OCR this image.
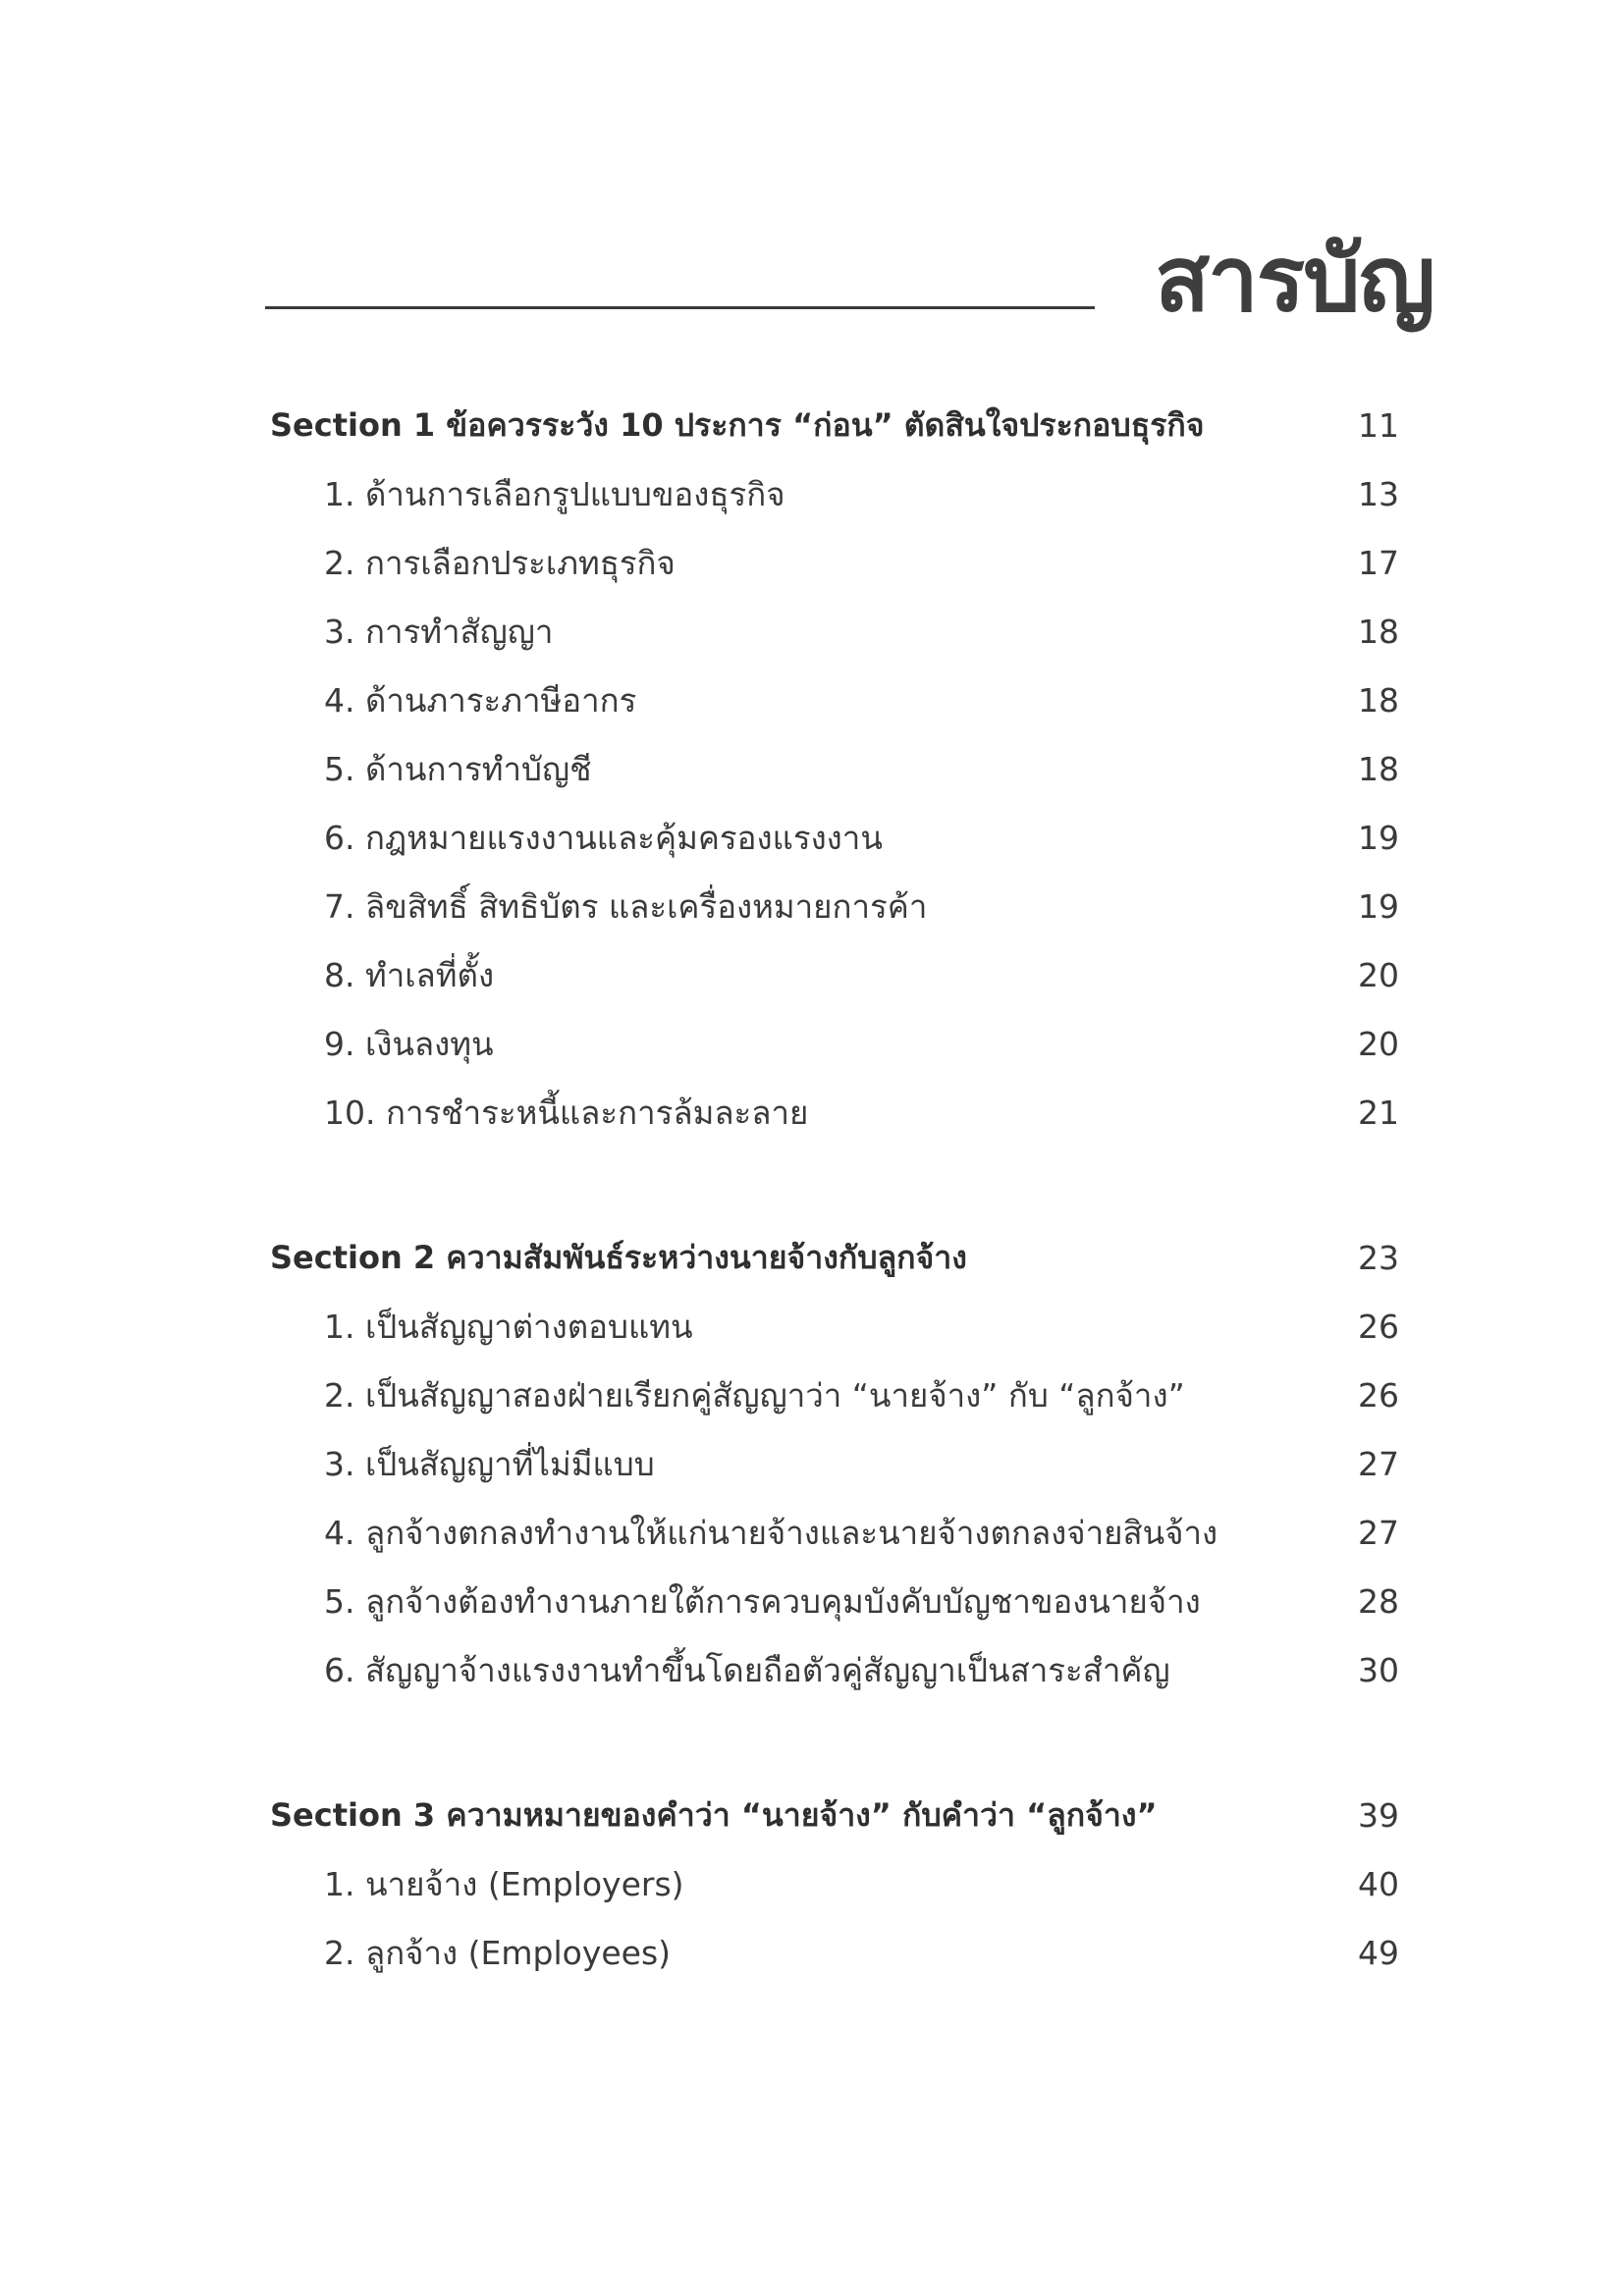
สารบัญ
Section 1 ข้อควรระวัง 10 ประการ “ก่อน” ตัดสินใจประกอบธุรกิจ	11
1. ด้านการเลือกรูปแบบของธุรกิจ	13
2. การเลือกประเภทธุรกิจ	17
3. การทำสัญญา	18
4. ด้านภาระภาษีอากร	18
5. ด้านการทำบัญชี	18
6. กฎหมายแรงงานและคุ้มครองแรงงาน	19
7. ลิขสิทธิ์ สิทธิบัตร และเครื่องหมายการค้า	19
8. ทำเลที่ตั้ง	20
9. เงินลงทุน	20
10. การชำระหนี้และการล้มละลาย	21
Section 2 ความสัมพันธ์ระหว่างนายจ้างกับลูกจ้าง	23
1. เป็นสัญญาต่างตอบแทน	26
2. เป็นสัญญาสองฝ่ายเรียกคู่สัญญาว่า “นายจ้าง” กับ “ลูกจ้าง”	26
3. เป็นสัญญาที่ไม่มีแบบ	27
4. ลูกจ้างตกลงทำงานให้แก่นายจ้างและนายจ้างตกลงจ่ายสินจ้าง	27
5. ลูกจ้างต้องทำงานภายใต้การควบคุมบังคับบัญชาของนายจ้าง	28
6. สัญญาจ้างแรงงานทำขึ้นโดยถือตัวคู่สัญญาเป็นสาระสำคัญ	30
Section 3 ความหมายของคำว่า “นายจ้าง” กับคำว่า “ลูกจ้าง”	39
1. นายจ้าง (Employers)	40
2. ลูกจ้าง (Employees)	49
